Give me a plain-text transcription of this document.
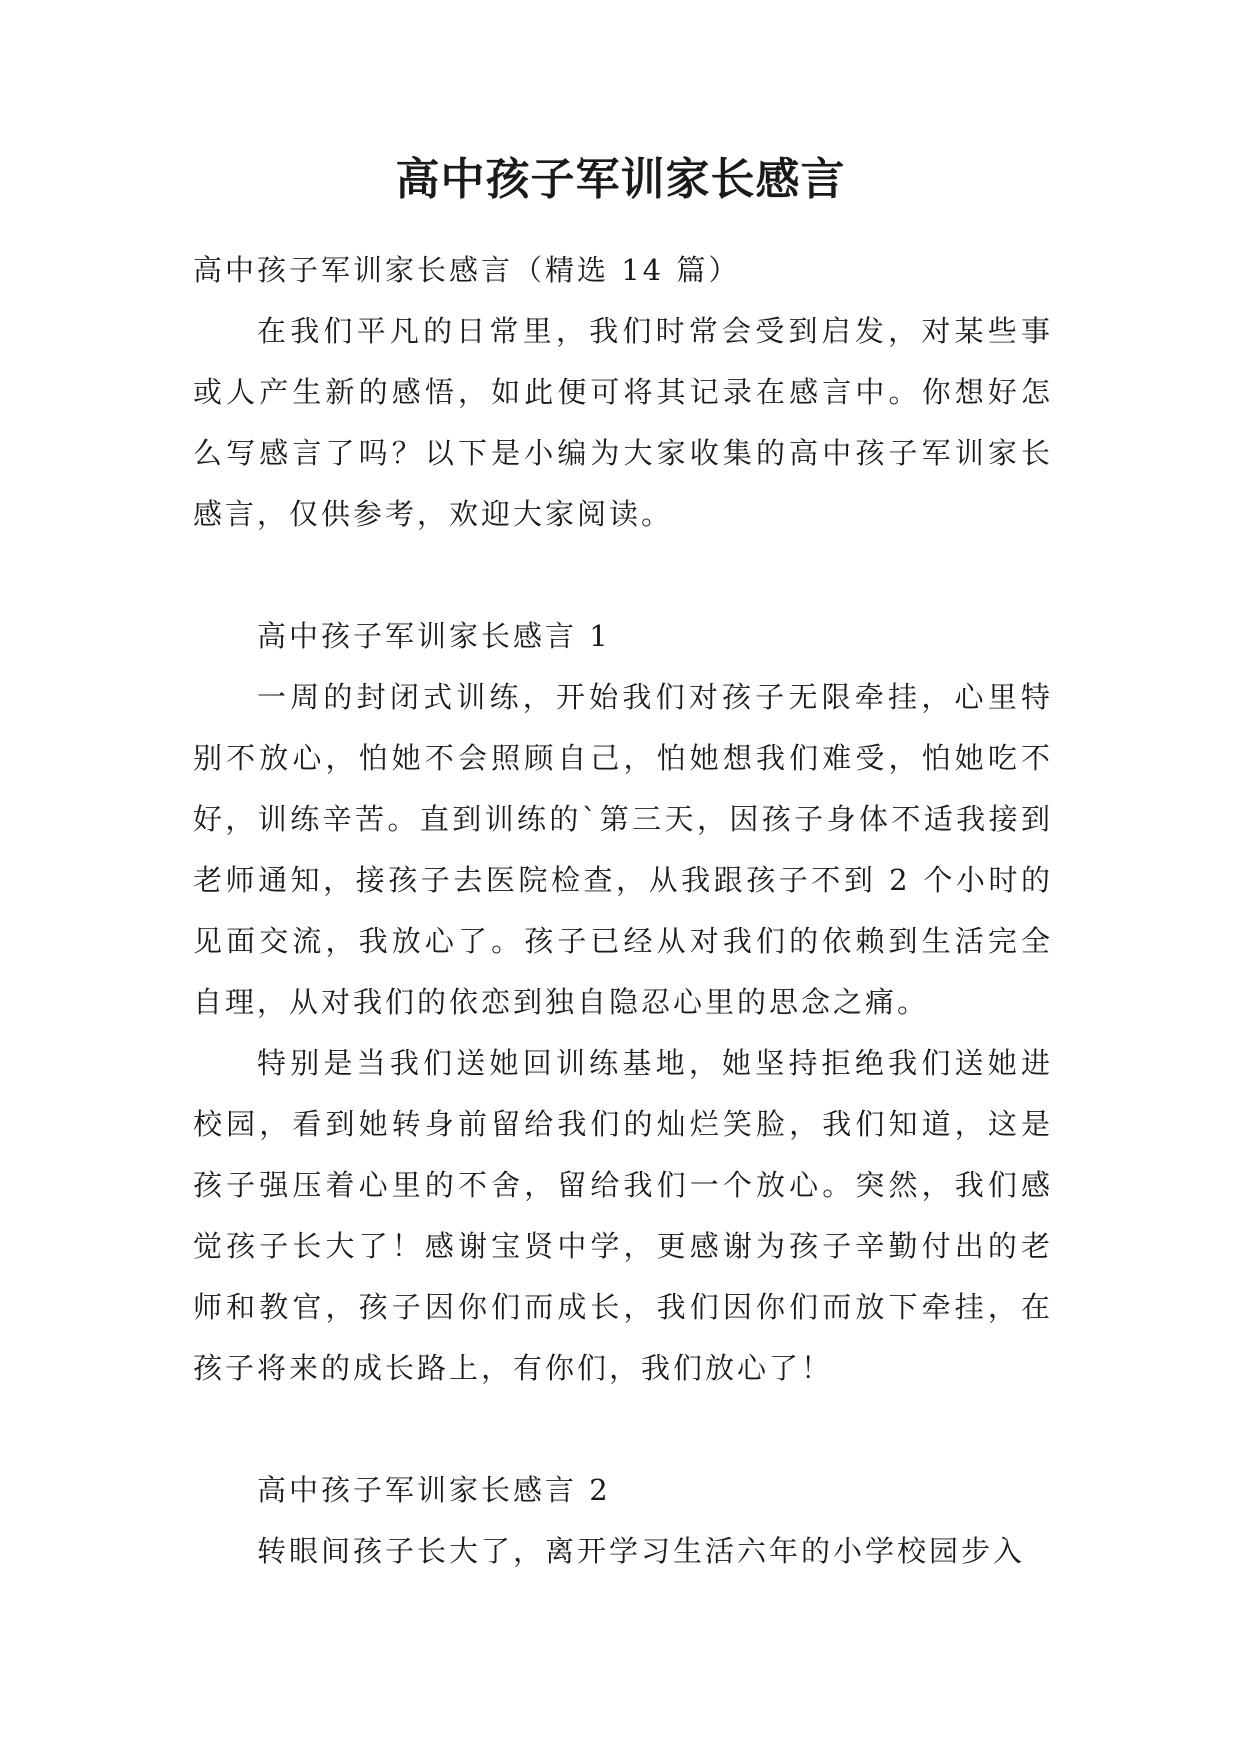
高中孩子军训家长感言

高中孩子军训家长感言（精选 14 篇）

在我们平凡的日常里，我们时常会受到启发，对某些事或人产生新的感悟，如此便可将其记录在感言中。你想好怎么写感言了吗？以下是小编为大家收集的高中孩子军训家长感言，仅供参考，欢迎大家阅读。

高中孩子军训家长感言 1

一周的封闭式训练，开始我们对孩子无限牵挂，心里特别不放心，怕她不会照顾自己，怕她想我们难受，怕她吃不好，训练辛苦。直到训练的`第三天，因孩子身体不适我接到老师通知，接孩子去医院检查，从我跟孩子不到 2 个小时的见面交流，我放心了。孩子已经从对我们的依赖到生活完全自理，从对我们的依恋到独自隐忍心里的思念之痛。

特别是当我们送她回训练基地，她坚持拒绝我们送她进校园，看到她转身前留给我们的灿烂笑脸，我们知道，这是孩子强压着心里的不舍，留给我们一个放心。突然，我们感觉孩子长大了！感谢宝贤中学，更感谢为孩子辛勤付出的老师和教官，孩子因你们而成长，我们因你们而放下牵挂，在孩子将来的成长路上，有你们，我们放心了！

高中孩子军训家长感言 2

转眼间孩子长大了，离开学习生活六年的小学校园步入
